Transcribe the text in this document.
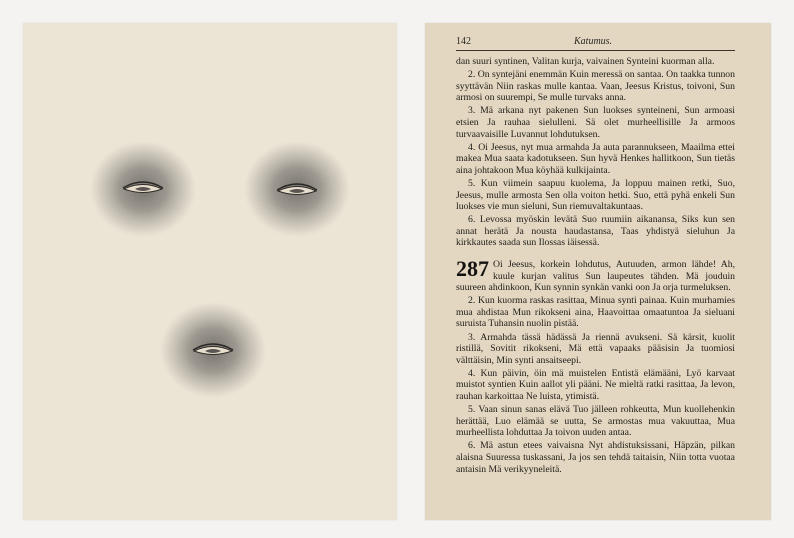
142	Katumus.

dan suuri syntinen, Valitan kurja, vaivainen Synteini kuorman alla.

2. On syntejäni enemmän Kuin meressä on santaa. On taakka tunnon syyttävän Niin raskas mulle kantaa. Vaan, Jeesus Kristus, toivoni, Sun armosi on suurempi, Se mulle turvaks anna.

3. Mä arkana nyt pakenen Sun luokses synteineni, Sun armoasi etsien Ja rauhaa sielulleni. Sä olet murheellisille Ja armoos turvaavaisille Luvannut lohdutuksen.

4. Oi Jeesus, nyt mua armahda Ja auta parannukseen, Maailma ettei makea Mua saata kadotukseen. Sun hyvä Henkes hallitkoon, Sun tietäs aina johtakoon Mua köyhää kulkijainta.

5. Kun viimein saapuu kuolema, Ja loppuu mainen retki, Suo, Jeesus, mulle armosta Sen olla voiton hetki. Suo, että pyhä enkeli Sun luokses vie mun sieluni, Sun riemuvaltakuntaas.

6. Levossa myöskin levätä Suo ruumiin aikanansa, Siks kun sen annat herätä Ja nousta haudastansa, Taas yhdistyä sieluhun Ja kirkkautes saada sun Ilossas iäisessä.

287 Oi Jeesus, korkein lohdutus, Autuuden, armon lähde! Ah, kuule kurjan valitus Sun laupeutes tähden. Mä jouduin suureen ahdinkoon, Kun synnin synkän vanki oon Ja orja turmeluksen.

2. Kun kuorma raskas rasittaa, Minua synti painaa. Kuin murhamies mua ahdistaa Mun rikokseni aina, Haavoittaa omaatuntoa Ja sieluani suruista Tuhansin nuolin pistää.

3. Armahda tässä hädässä Ja riennä avukseni. Sä kärsit, kuolit ristillä, Sovitit rikokseni, Mä että vapaaks pääsisin Ja tuomiosi välttäisin, Min synti ansaitseepi.

4. Kun päivin, öin mä muistelen Entistä elämääni, Lyö karvaat muistot syntien Kuin aallot yli pääni. Ne mieltä ratki rasittaa, Ja levon, rauhan karkoittaa Ne luista, ytimistä.

5. Vaan sinun sanas elävä Tuo jälleen rohkeutta, Mun kuollehenkin herättää, Luo elämää se uutta, Se armostas mua vakuuttaa, Mua murheellista lohduttaa Ja toivon uuden antaa.

6. Mä astun etees vaivaisna Nyt ahdistuksissani, Häpzän, pilkan alaisna Suuressa tuskassani, Ja jos sen tehdä taitaisin, Niin totta vuotaa antaisin Mä verikyyneleitä.
